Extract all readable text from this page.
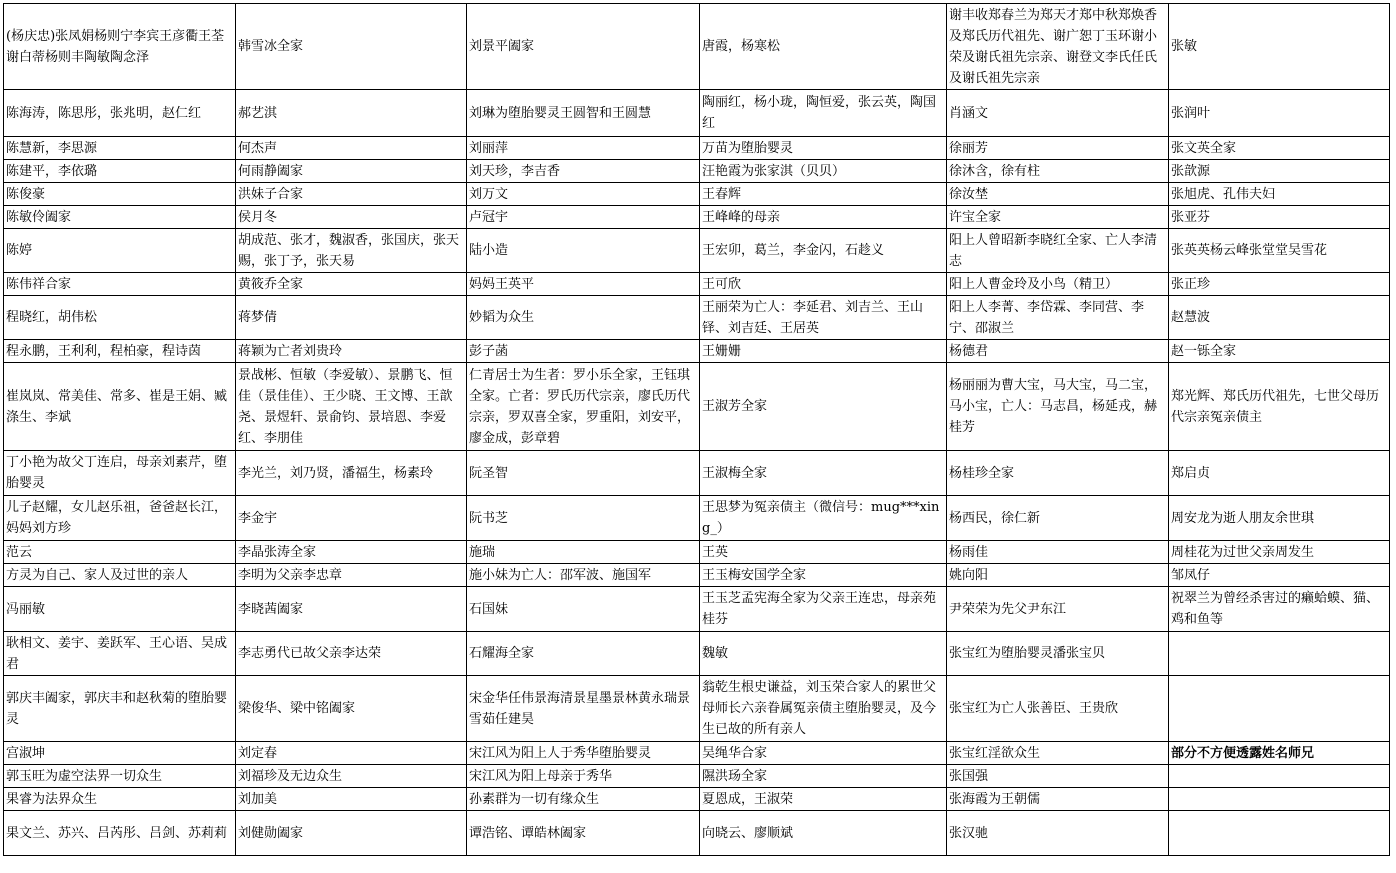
(杨庆忠)张凤娟杨则宁李宾王彦衢王荃谢白蒂杨则丰陶敏陶念泽	韩雪冰全家	刘景平阖家	唐霞，杨寒松	谢丰收郑春兰为郑天才郑中秋郑焕香及郑氏历代祖先、谢广恕丁玉环谢小荣及谢氏祖先宗亲、谢登文李氏任氏及谢氏祖先宗亲	张敏
陈海涛，陈思彤，张兆明，赵仁红	郝艺淇	刘琳为堕胎婴灵王圆智和王圆慧	陶丽红，杨小珑，陶恒爱，张云英，陶国红	肖涵文	张润叶
陈慧新，李思源	何杰声	刘丽萍	万苗为堕胎婴灵	徐丽芳	张文英全家
陈建平，李依璐	何雨静阖家	刘天珍，李吉香	汪艳霞为张家淇（贝贝）	徐沐含，徐有柱	张歆源
陈俊豪	洪妹子合家	刘万文	王春辉	徐汝埜	张旭虎、孔伟夫妇
陈敏伶阖家	侯月冬	卢冠宇	王峰峰的母亲	许宝全家	张亚芬
陈婷	胡成范、张才，魏淑香，张国庆，张天赐，张丁予，张天易	陆小造	王宏卯，葛兰，李金闪，石趁义	阳上人曾昭新李晓红全家、亡人李清志	张英英杨云峰张堂堂吴雪花
陈伟祥合家	黄筱乔全家	妈妈王英平	王可欣	阳上人曹金玲及小鸟（精卫）	张正珍
程晓红，胡伟松	蒋梦倩	妙韬为众生	王丽荣为亡人：李延君、刘吉兰、王山铎、刘吉廷、王居英	阳上人李菁、李岱霖、李同营、李宁、邵淑兰	赵慧波
程永鹏，王利利，程柏豪，程诗茵	蒋颖为亡者刘贵玲	彭子菡	王姗姗	杨德君	赵一铄全家
崔岚岚、常美佳、常多、崔是王娟、臧涤生、李斌	景战彬、恒敏（李爱敏）、景鹏飞、恒佳（景佳佳）、王少晓、王文博、王歆尧、景煜轩、景俞钧、景培恩、李爱红、李朋佳	仁青居士为生者：罗小乐全家，王钰琪全家。亡者：罗氏历代宗亲，廖氏历代宗亲，罗双喜全家，罗重阳，刘安平，廖金成，彭章碧	王淑芳全家	杨丽丽为曹大宝，马大宝，马二宝，马小宝，亡人：马志昌，杨延戎，赫桂芳	郑光辉、郑氏历代祖先，七世父母历代宗亲冤亲债主
丁小艳为故父丁连启，母亲刘素芹，堕胎婴灵	李光兰，刘乃贤，潘福生，杨素玲	阮圣智	王淑梅全家	杨桂珍全家	郑启贞
儿子赵耀，女儿赵乐祖，爸爸赵长江，妈妈刘方珍	李金宇	阮书芝	王思梦为冤亲债主（微信号：mug***xing_）	杨西民，徐仁新	周安龙为逝人朋友余世琪
范云	李晶张涛全家	施瑞	王英	杨雨佳	周桂花为过世父亲周发生
方灵为自己、家人及过世的亲人	李明为父亲李忠章	施小妹为亡人：邵军波、施国军	王玉梅安国学全家	姚向阳	邹凤仔
冯丽敏	李晓茜阖家	石国妹	王玉芝孟宪海全家为父亲王连忠，母亲苑桂芬	尹荣荣为先父尹东江	祝翠兰为曾经杀害过的癞蛤蟆、猫、鸡和鱼等
耿相文、姜宇、姜跃军、王心语、吴成君	李志勇代已故父亲李达荣	石耀海全家	魏敏	张宝红为堕胎婴灵潘张宝贝	
郭庆丰阖家，郭庆丰和赵秋菊的堕胎婴灵	梁俊华、梁中铭阖家	宋金华任伟景海清景星墨景林黄永瑞景雪茹任建昊	翁乾生根史谦益，刘玉荣合家人的累世父母师长六亲眷属冤亲债主堕胎婴灵，及今生已故的所有亲人	张宝红为亡人张善臣、王贵欣	
宫淑坤	刘定春	宋江风为阳上人于秀华堕胎婴灵	吴绳华合家	张宝红淫欲众生	部分不方便透露姓名师兄
郭玉旺为虚空法界一切众生	刘福珍及无边众生	宋江风为阳上母亲于秀华	隰洪玚全家	张国强	
果睿为法界众生	刘加美	孙素群为一切有缘众生	夏恩成，王淑荣	张海霞为王朝儒	
果文兰、苏兴、吕芮彤、吕剑、苏莉莉	刘健勋阖家	谭浩铭、谭皓林阖家	向晓云、廖顺斌	张汉驰	
